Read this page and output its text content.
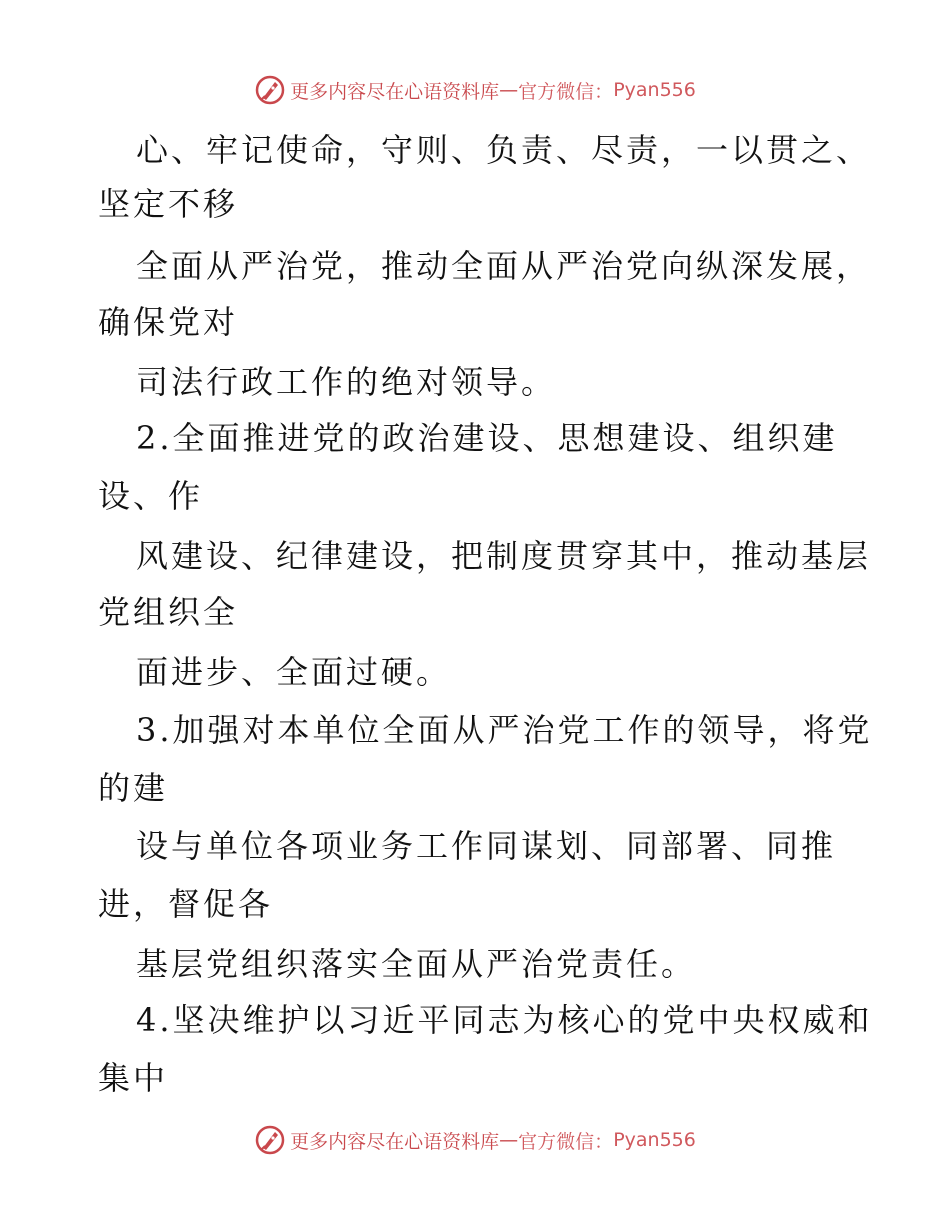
更多内容尽在心语资料库 — 官方微信： Pyan556
心、牢记使命，守则、负责、尽责，一以贯之、
坚定不移
全面从严治党，推动全面从严治党向纵深发展，
确保党对
司法行政工作的绝对领导。
2.全面推进党的政治建设、思想建设、组织建
设、作
风建设、纪律建设，把制度贯穿其中，推动基层
党组织全
面进步、全面过硬。
3.加强对本单位全面从严治党工作的领导，将党
的建
设与单位各项业务工作同谋划、同部署、同推
进，督促各
基层党组织落实全面从严治党责任。
4.坚决维护以习近平同志为核心的党中央权威和
集中
更多内容尽在心语资料库 — 官方微信： Pyan556
